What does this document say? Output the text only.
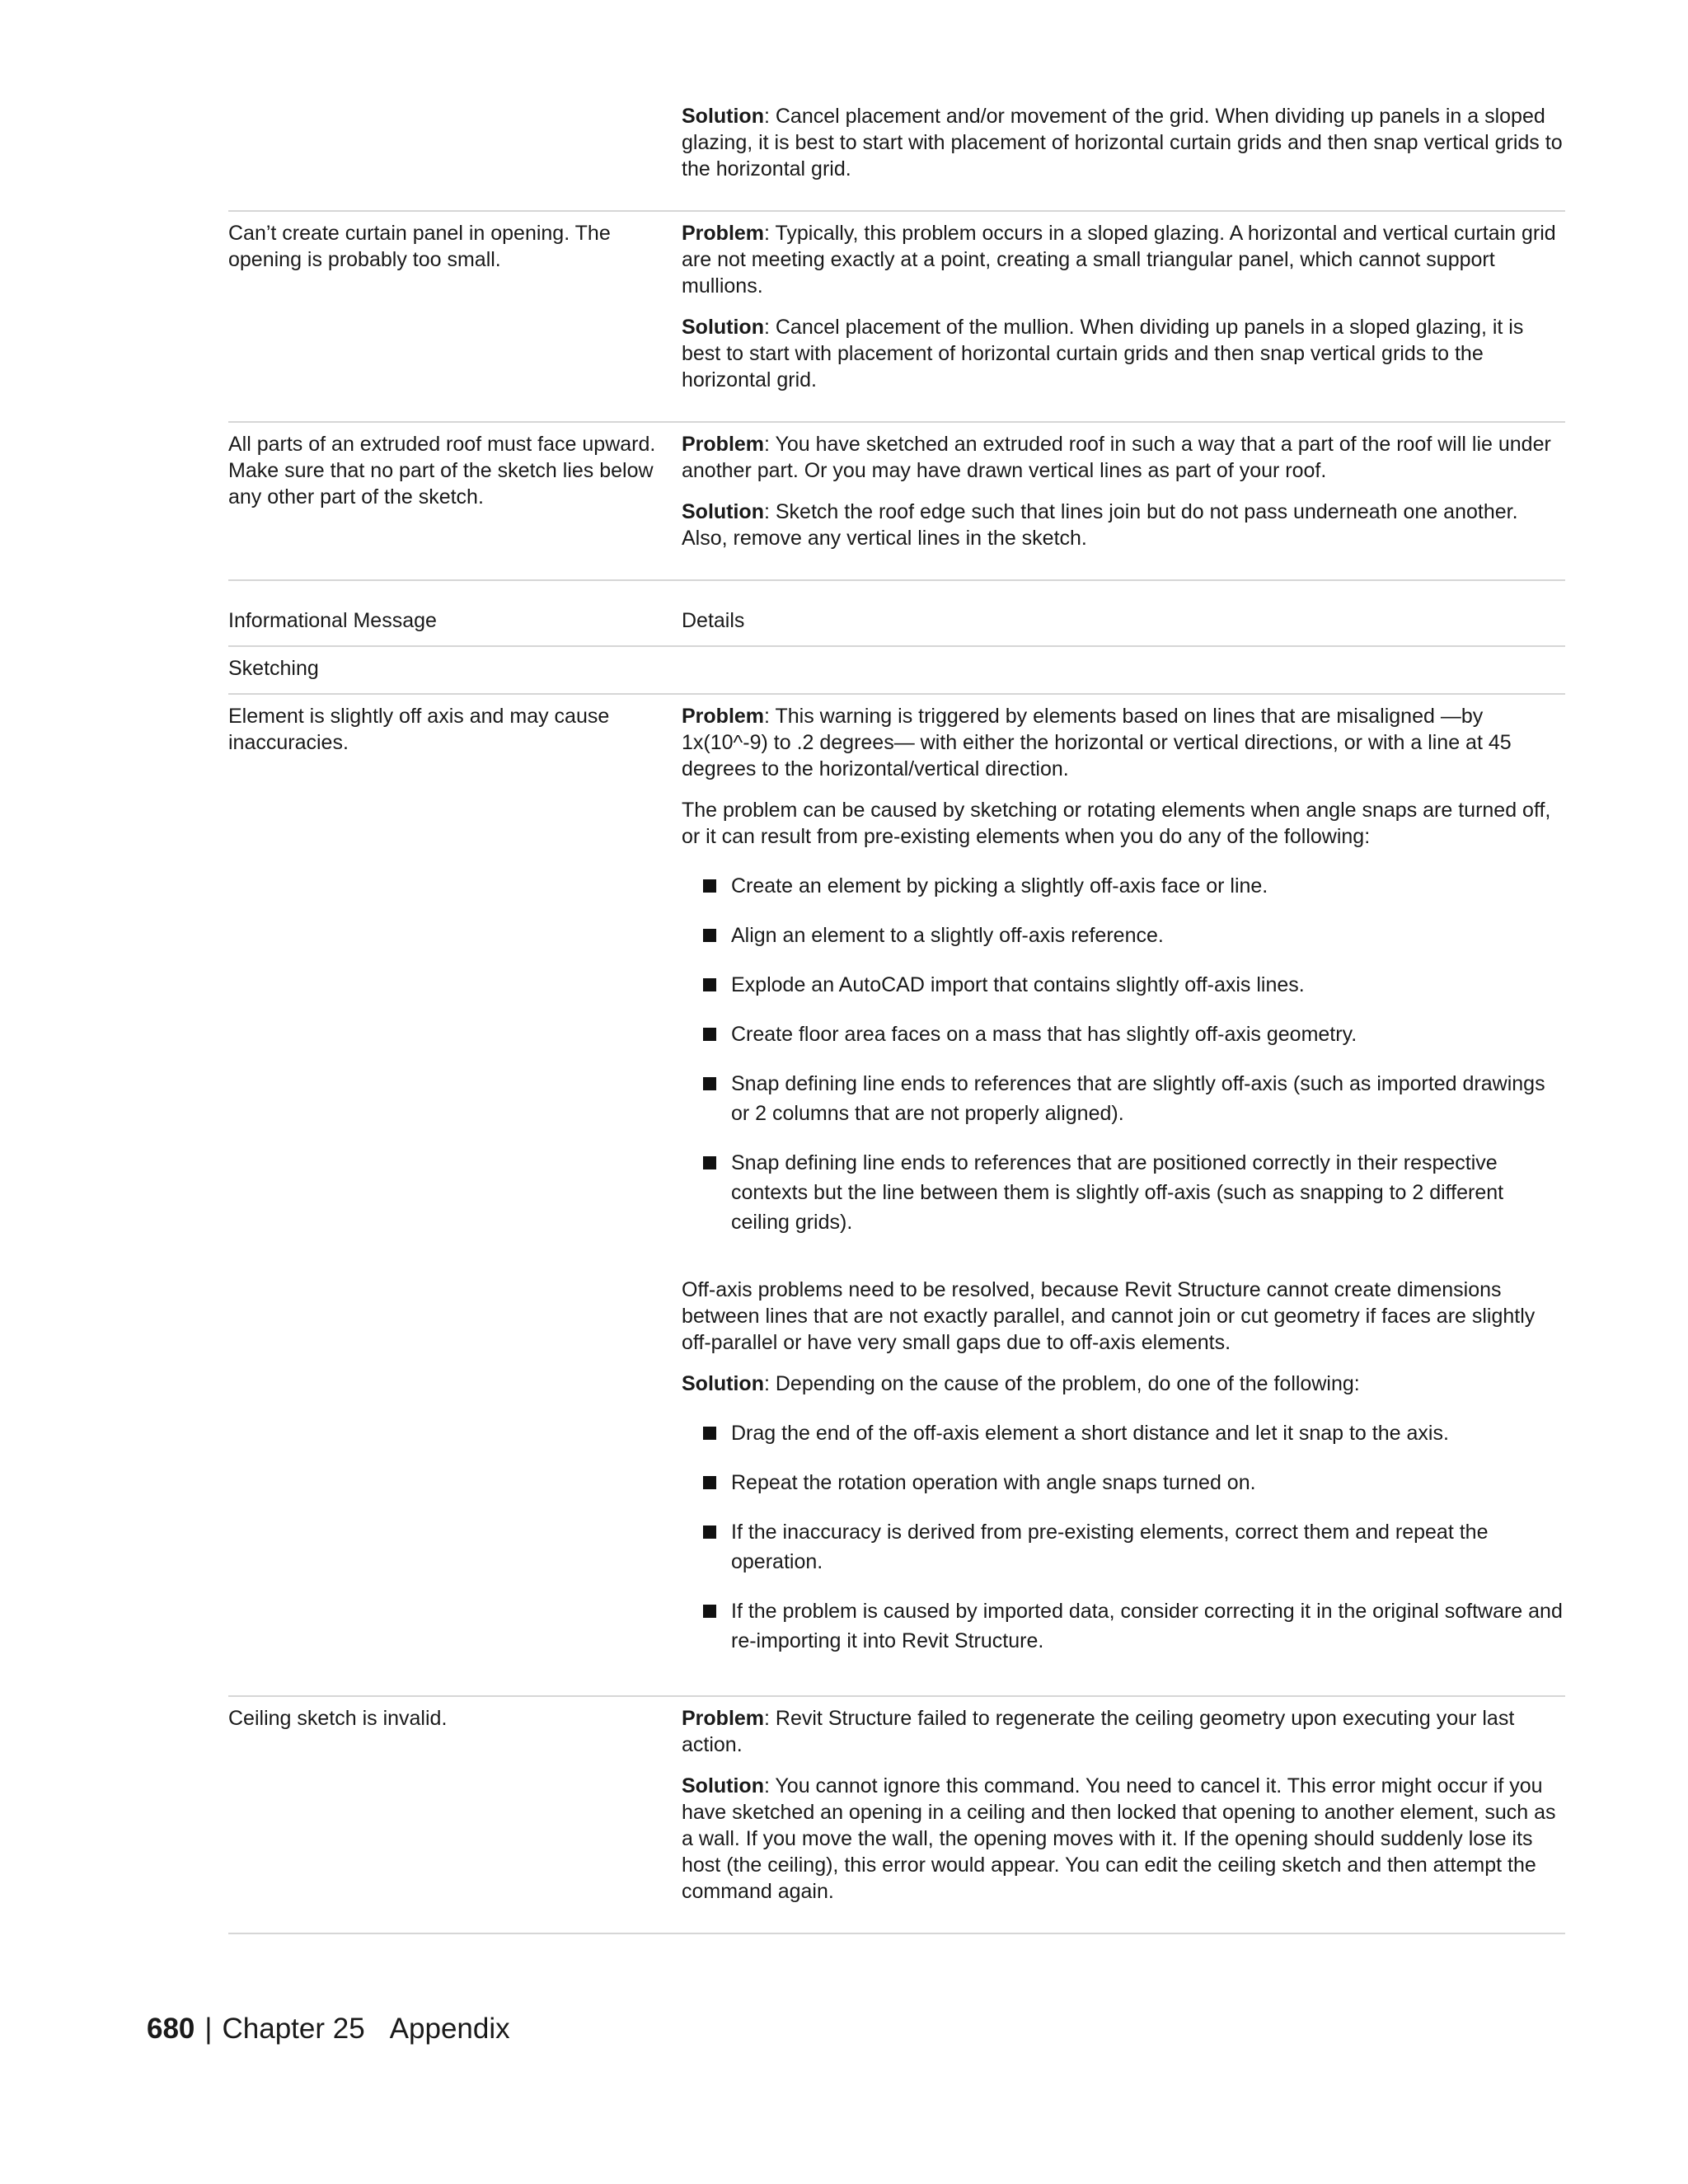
Solution: Cancel placement and/or movement of the grid. When dividing up panels in a sloped glazing, it is best to start with placement of horizontal curtain grids and then snap vertical grids to the horizontal grid.

Can’t create curtain panel in opening. The opening is probably too small.

Problem: Typically, this problem occurs in a sloped glazing. A horizontal and vertical curtain grid are not meeting exactly at a point, creating a small triangular panel, which cannot support mullions.

Solution: Cancel placement of the mullion. When dividing up panels in a sloped glazing, it is best to start with placement of horizontal curtain grids and then snap vertical grids to the horizontal grid.

All parts of an extruded roof must face upward. Make sure that no part of the sketch lies below any other part of the sketch.

Problem: You have sketched an extruded roof in such a way that a part of the roof will lie under another part. Or you may have drawn vertical lines as part of your roof.

Solution: Sketch the roof edge such that lines join but do not pass underneath one another. Also, remove any vertical lines in the sketch.

Informational Message	Details
Sketching
Element is slightly off axis and may cause inaccuracies.

Problem: This warning is triggered by elements based on lines that are misaligned —by 1x(10^-9) to .2 degrees— with either the horizontal or vertical directions, or with a line at 45 degrees to the horizontal/vertical direction.

The problem can be caused by sketching or rotating elements when angle snaps are turned off, or it can result from pre-existing elements when you do any of the following:

Create an element by picking a slightly off-axis face or line.
Align an element to a slightly off-axis reference.
Explode an AutoCAD import that contains slightly off-axis lines.
Create floor area faces on a mass that has slightly off-axis geometry.
Snap defining line ends to references that are slightly off-axis (such as imported drawings or 2 columns that are not properly aligned).
Snap defining line ends to references that are positioned correctly in their respective contexts but the line between them is slightly off-axis (such as snapping to 2 different ceiling grids).

Off-axis problems need to be resolved, because Revit Structure cannot create dimensions between lines that are not exactly parallel, and cannot join or cut geometry if faces are slightly off-parallel or have very small gaps due to off-axis elements.

Solution: Depending on the cause of the problem, do one of the following:

Drag the end of the off-axis element a short distance and let it snap to the axis.
Repeat the rotation operation with angle snaps turned on.
If the inaccuracy is derived from pre-existing elements, correct them and repeat the operation.
If the problem is caused by imported data, consider correcting it in the original software and re-importing it into Revit Structure.
Ceiling sketch is invalid.	Problem: Revit Structure failed to regenerate the ceiling geometry upon executing your last action.

Solution: You cannot ignore this command. You need to cancel it. This error might occur if you have sketched an opening in a ceiling and then locked that opening to another element, such as a wall. If you move the wall, the opening moves with it. If the opening should suddenly lose its host (the ceiling), this error would appear. You can edit the ceiling sketch and then attempt the command again.

680 | Chapter 25 Appendix
